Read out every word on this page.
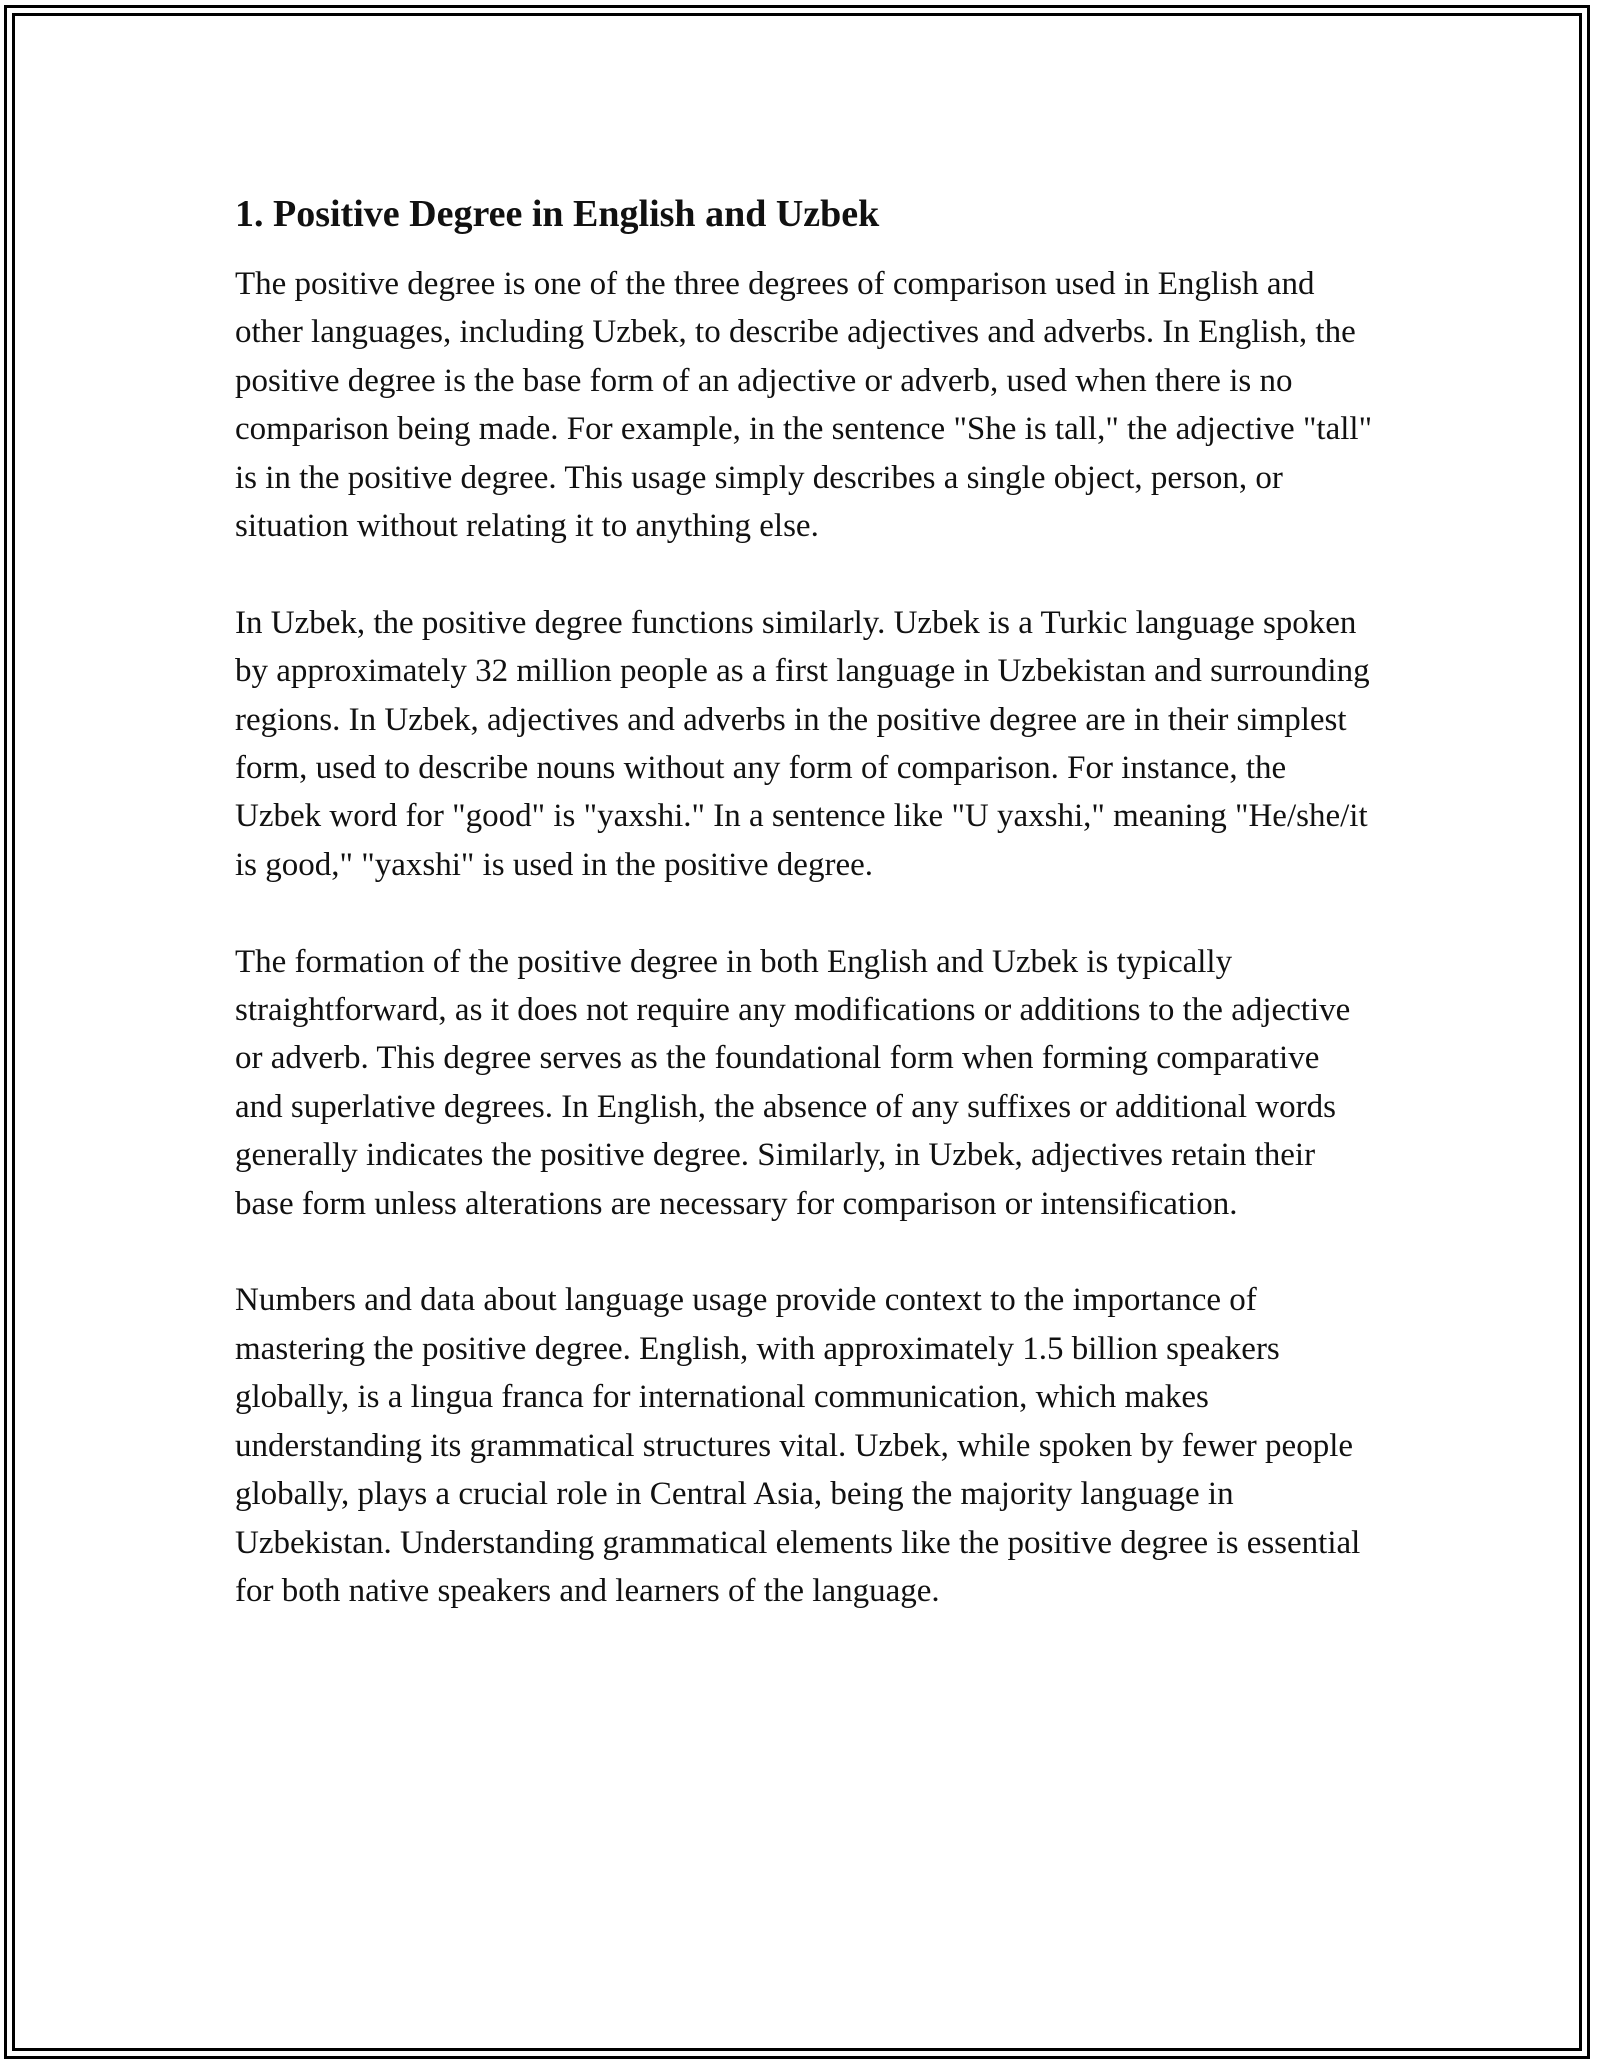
1. Positive Degree in English and Uzbek

The positive degree is one of the three degrees of comparison used in English and other languages, including Uzbek, to describe adjectives and adverbs. In English, the positive degree is the base form of an adjective or adverb, used when there is no comparison being made. For example, in the sentence "She is tall," the adjective "tall" is in the positive degree. This usage simply describes a single object, person, or situation without relating it to anything else.

In Uzbek, the positive degree functions similarly. Uzbek is a Turkic language spoken by approximately 32 million people as a first language in Uzbekistan and surrounding regions. In Uzbek, adjectives and adverbs in the positive degree are in their simplest form, used to describe nouns without any form of comparison. For instance, the Uzbek word for "good" is "yaxshi." In a sentence like "U yaxshi," meaning "He/she/it is good," "yaxshi" is used in the positive degree.

The formation of the positive degree in both English and Uzbek is typically straightforward, as it does not require any modifications or additions to the adjective or adverb. This degree serves as the foundational form when forming comparative and superlative degrees. In English, the absence of any suffixes or additional words generally indicates the positive degree. Similarly, in Uzbek, adjectives retain their base form unless alterations are necessary for comparison or intensification.

Numbers and data about language usage provide context to the importance of mastering the positive degree. English, with approximately 1.5 billion speakers globally, is a lingua franca for international communication, which makes understanding its grammatical structures vital. Uzbek, while spoken by fewer people globally, plays a crucial role in Central Asia, being the majority language in Uzbekistan. Understanding grammatical elements like the positive degree is essential for both native speakers and learners of the language.
